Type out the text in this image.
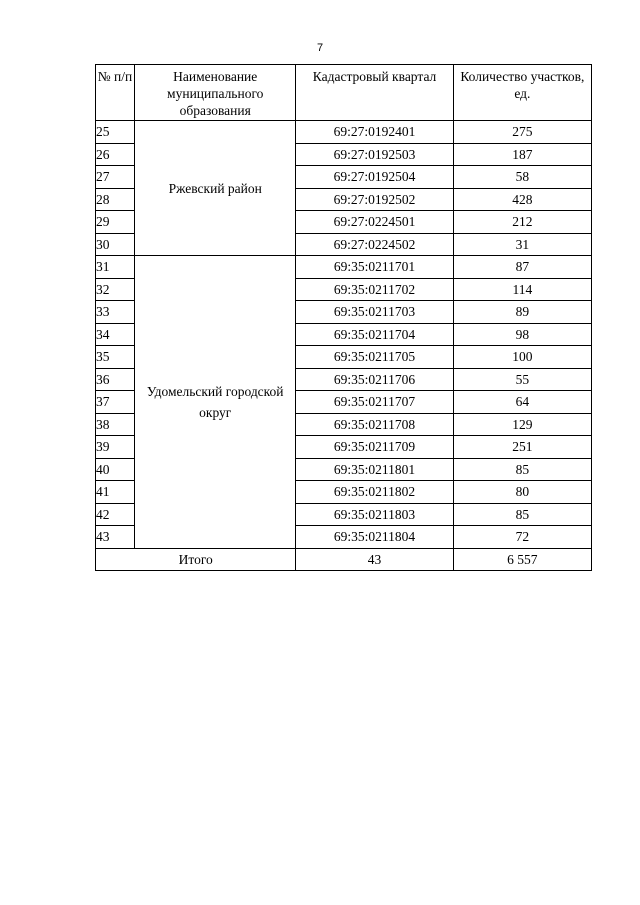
7
№ п/п	Наименование муниципального образования	Кадастровый квартал	Количество участков, ед.
25	Ржевский район	69:27:0192401	275
26		69:27:0192503	187
27		69:27:0192504	58
28		69:27:0192502	428
29		69:27:0224501	212
30		69:27:0224502	31
31	Удомельский городской округ	69:35:0211701	87
32		69:35:0211702	114
33		69:35:0211703	89
34		69:35:0211704	98
35		69:35:0211705	100
36		69:35:0211706	55
37		69:35:0211707	64
38		69:35:0211708	129
39		69:35:0211709	251
40		69:35:0211801	85
41		69:35:0211802	80
42		69:35:0211803	85
43		69:35:0211804	72
Итого		43	6 557
